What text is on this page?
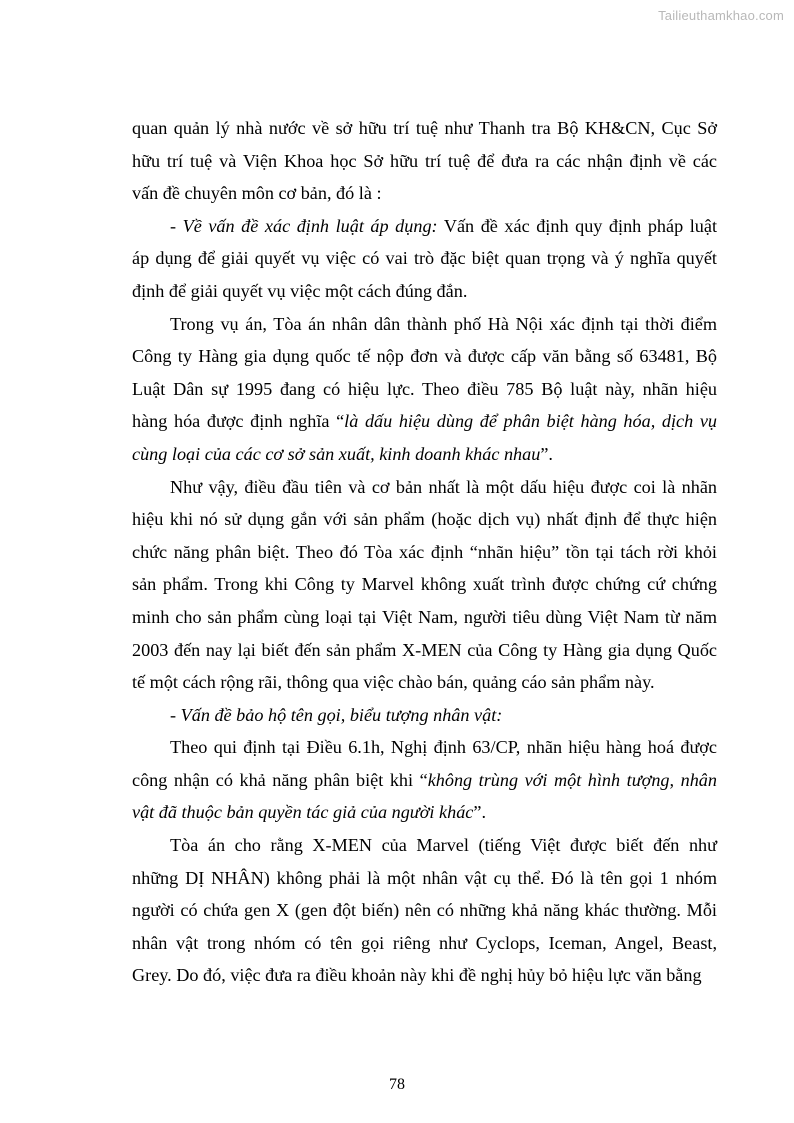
Tailieuthamkhao.com
quan quản lý nhà nước về sở hữu trí tuệ như Thanh tra Bộ KH&CN, Cục Sở
hữu trí tuệ và Viện Khoa học Sở hữu trí tuệ để đưa ra các nhận định về các
vấn đề chuyên môn cơ bản, đó là :
- Về vấn đề xác định luật áp dụng: Vấn đề xác định quy định pháp luật
áp dụng để giải quyết vụ việc có vai trò đặc biệt quan trọng và ý nghĩa quyết
định để giải quyết vụ việc một cách đúng đắn.
Trong vụ án, Tòa án nhân dân thành phố Hà Nội xác định tại thời điểm
Công ty Hàng gia dụng quốc tế nộp đơn và được cấp văn bằng số 63481, Bộ
Luật Dân sự 1995 đang có hiệu lực. Theo điều 785 Bộ luật này, nhãn hiệu
hàng hóa được định nghĩa “là dấu hiệu dùng để phân biệt hàng hóa, dịch vụ
cùng loại của các cơ sở sản xuất, kinh doanh khác nhau”.
Như vậy, điều đầu tiên và cơ bản nhất là một dấu hiệu được coi là nhãn
hiệu khi nó sử dụng gắn với sản phẩm (hoặc dịch vụ) nhất định để thực hiện
chức năng phân biệt. Theo đó Tòa xác định “nhãn hiệu” tồn tại tách rời khỏi
sản phẩm. Trong khi Công ty Marvel không xuất trình được chứng cứ chứng
minh cho sản phẩm cùng loại tại Việt Nam, người tiêu dùng Việt Nam từ năm
2003 đến nay lại biết đến sản phẩm X-MEN của Công ty Hàng gia dụng Quốc
tế một cách rộng rãi, thông qua việc chào bán, quảng cáo sản phẩm này.
- Vấn đề bảo hộ tên gọi, biểu tượng nhân vật:
Theo qui định tại Điều 6.1h, Nghị định 63/CP, nhãn hiệu hàng hoá được
công nhận có khả năng phân biệt khi “không trùng với một hình tượng, nhân
vật đã thuộc bản quyền tác giả của người khác”.
Tòa án cho rằng X-MEN của Marvel (tiếng Việt được biết đến như
những DỊ NHÂN) không phải là một nhân vật cụ thể. Đó là tên gọi 1 nhóm
người có chứa gen X (gen đột biến) nên có những khả năng khác thường. Mỗi
nhân vật trong nhóm có tên gọi riêng như Cyclops, Iceman, Angel, Beast,
Grey. Do đó, việc đưa ra điều khoản này khi đề nghị hủy bỏ hiệu lực văn bằng
78
